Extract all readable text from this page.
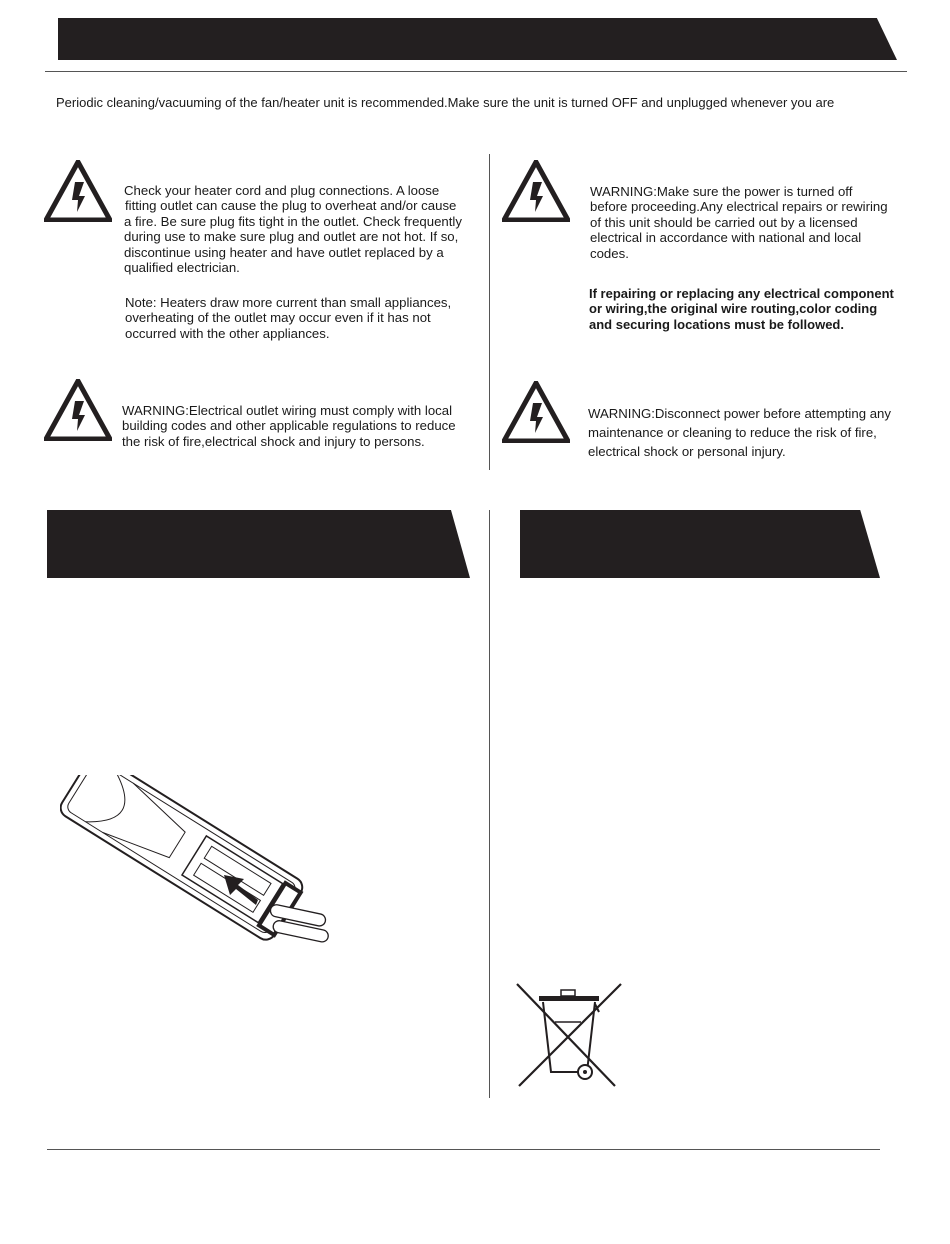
Periodic cleaning/vacuuming of the fan/heater unit is recommended.Make sure the unit is turned OFF and unplugged whenever you are
Check your heater cord and plug connections. A loose
fitting outlet can cause the plug to overheat and/or cause
a fire. Be sure plug fits tight in the outlet. Check frequently
during use to make sure plug and outlet are not hot. If so,
discontinue using heater and have outlet replaced by a
qualified electrician.
Note: Heaters draw more current than small appliances,
overheating of the outlet may occur even if it has not
occurred with the other appliances.
WARNING:Electrical outlet wiring must comply with local
building codes and other applicable regulations to reduce
the risk of fire,electrical shock and injury to persons.
WARNING:Make sure the power is turned off
before proceeding.Any electrical repairs or rewiring
of this unit should be carried out by a licensed
electrical in accordance with national and local
codes.
If repairing or replacing any electrical component
or wiring,the original wire routing,color coding
and securing locations must be followed.
WARNING:Disconnect power before attempting any
maintenance or cleaning to reduce the risk of fire,
electrical shock or personal injury.
